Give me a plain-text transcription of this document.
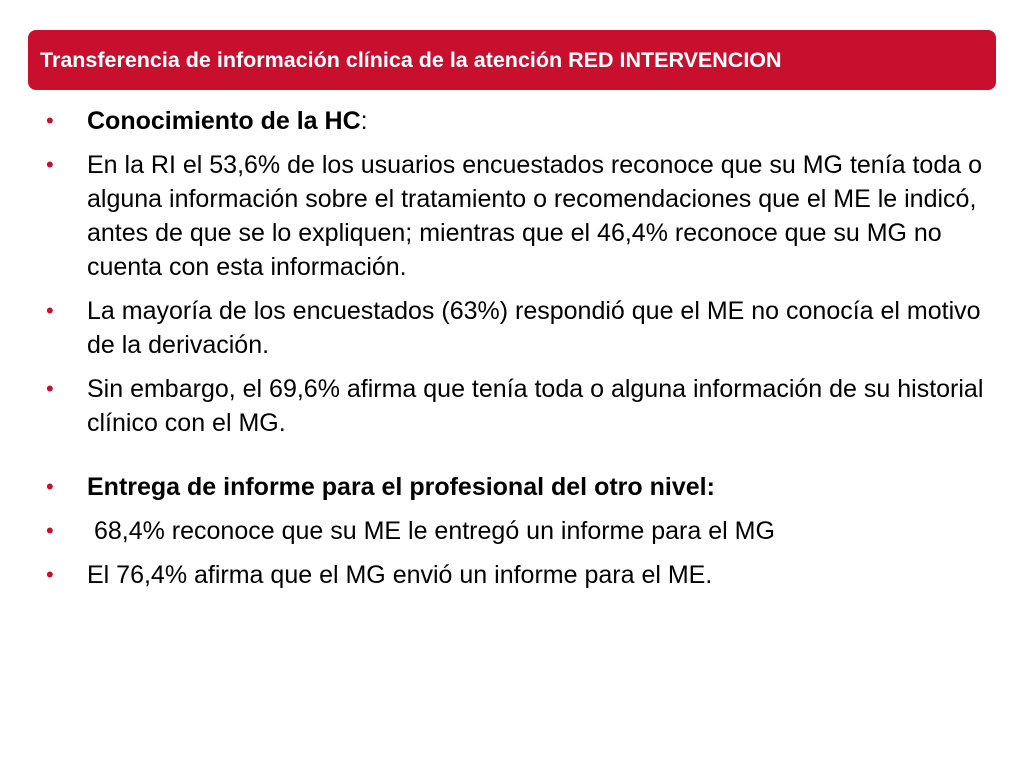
Transferencia de información clínica de la atención RED INTERVENCION
•	Conocimiento de la HC:
•	En la RI el 53,6% de los usuarios encuestados reconoce que su MG tenía toda o alguna información sobre el tratamiento o recomendaciones que el ME le indicó, antes de que se lo expliquen; mientras que el 46,4% reconoce que su MG no cuenta con esta información.
•	La mayoría de los encuestados (63%) respondió que el ME no conocía el motivo de la derivación.
•	Sin embargo, el 69,6% afirma que tenía toda o alguna información de su historial clínico con el MG.
•	Entrega de informe para el profesional del otro nivel:
•	68,4% reconoce que su ME le entregó un informe para el MG
•	El 76,4% afirma que el MG envió un informe para el ME.
